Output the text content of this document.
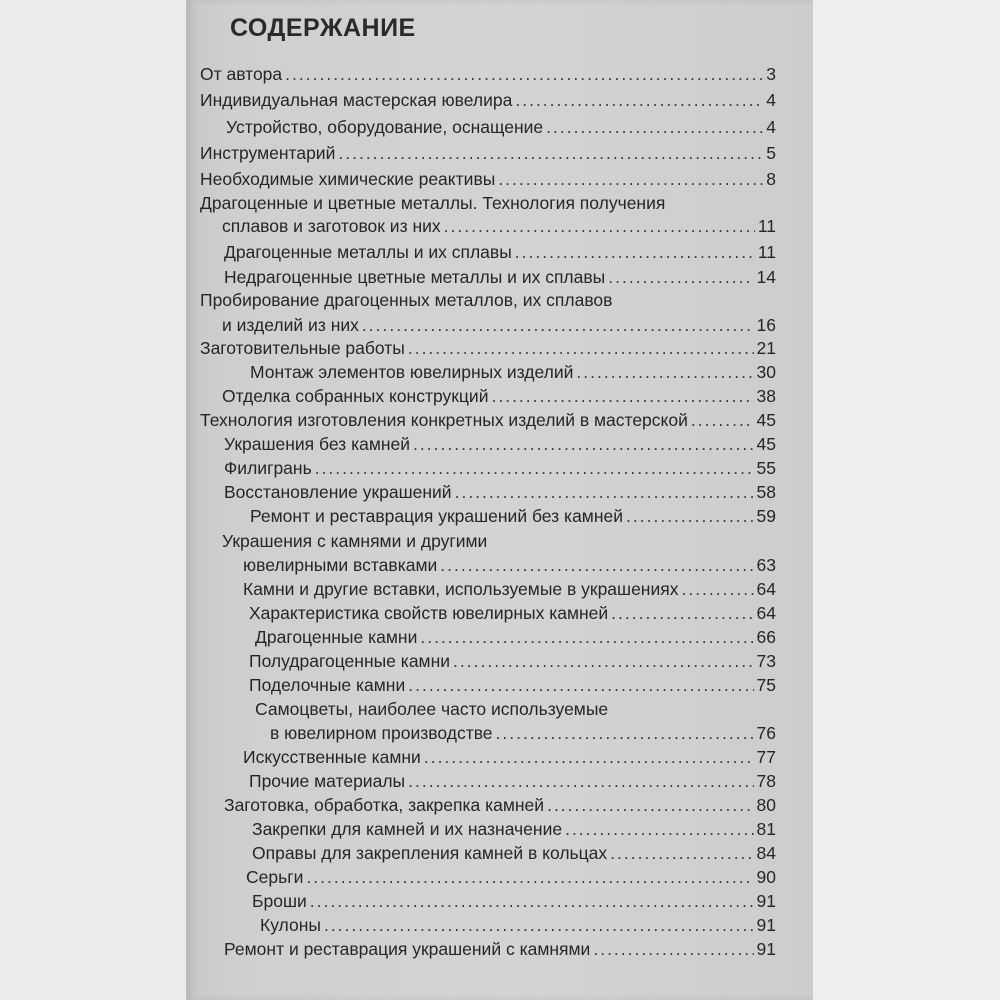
СОДЕРЖАНИЕ
От автора .....	3
Индивидуальная мастерская ювелира .....	4
Устройство, оборудование, оснащение .....	4
Инструментарий .....	5
Необходимые химические реактивы .....	8
Драгоценные и цветные металлы. Технология получения
сплавов и заготовок из них .....	11
Драгоценные металлы и их сплавы .....	11
Недрагоценные цветные металлы и их сплавы .....	14
Пробирование драгоценных металлов, их сплавов
и изделий из них .....	16
Заготовительные работы .....	21
Монтаж элементов ювелирных изделий .....	30
Отделка собранных конструкций .....	38
Технология изготовления конкретных изделий в мастерской .....	45
Украшения без камней .....	45
Филигрань .....	55
Восстановление украшений .....	58
Ремонт и реставрация украшений без камней .....	59
Украшения с камнями и другими
ювелирными вставками .....	63
Камни и другие вставки, используемые в украшениях .....	64
Характеристика свойств ювелирных камней .....	64
Драгоценные камни .....	66
Полудрагоценные камни .....	73
Поделочные камни .....	75
Самоцветы, наиболее часто используемые
в ювелирном производстве .....	76
Искусственные камни .....	77
Прочие материалы .....	78
Заготовка, обработка, закрепка камней .....	80
Закрепки для камней и их назначение .....	81
Оправы для закрепления камней в кольцах .....	84
Серьги .....	90
Броши .....	91
Кулоны .....	91
Ремонт и реставрация украшений с камнями .....	91
